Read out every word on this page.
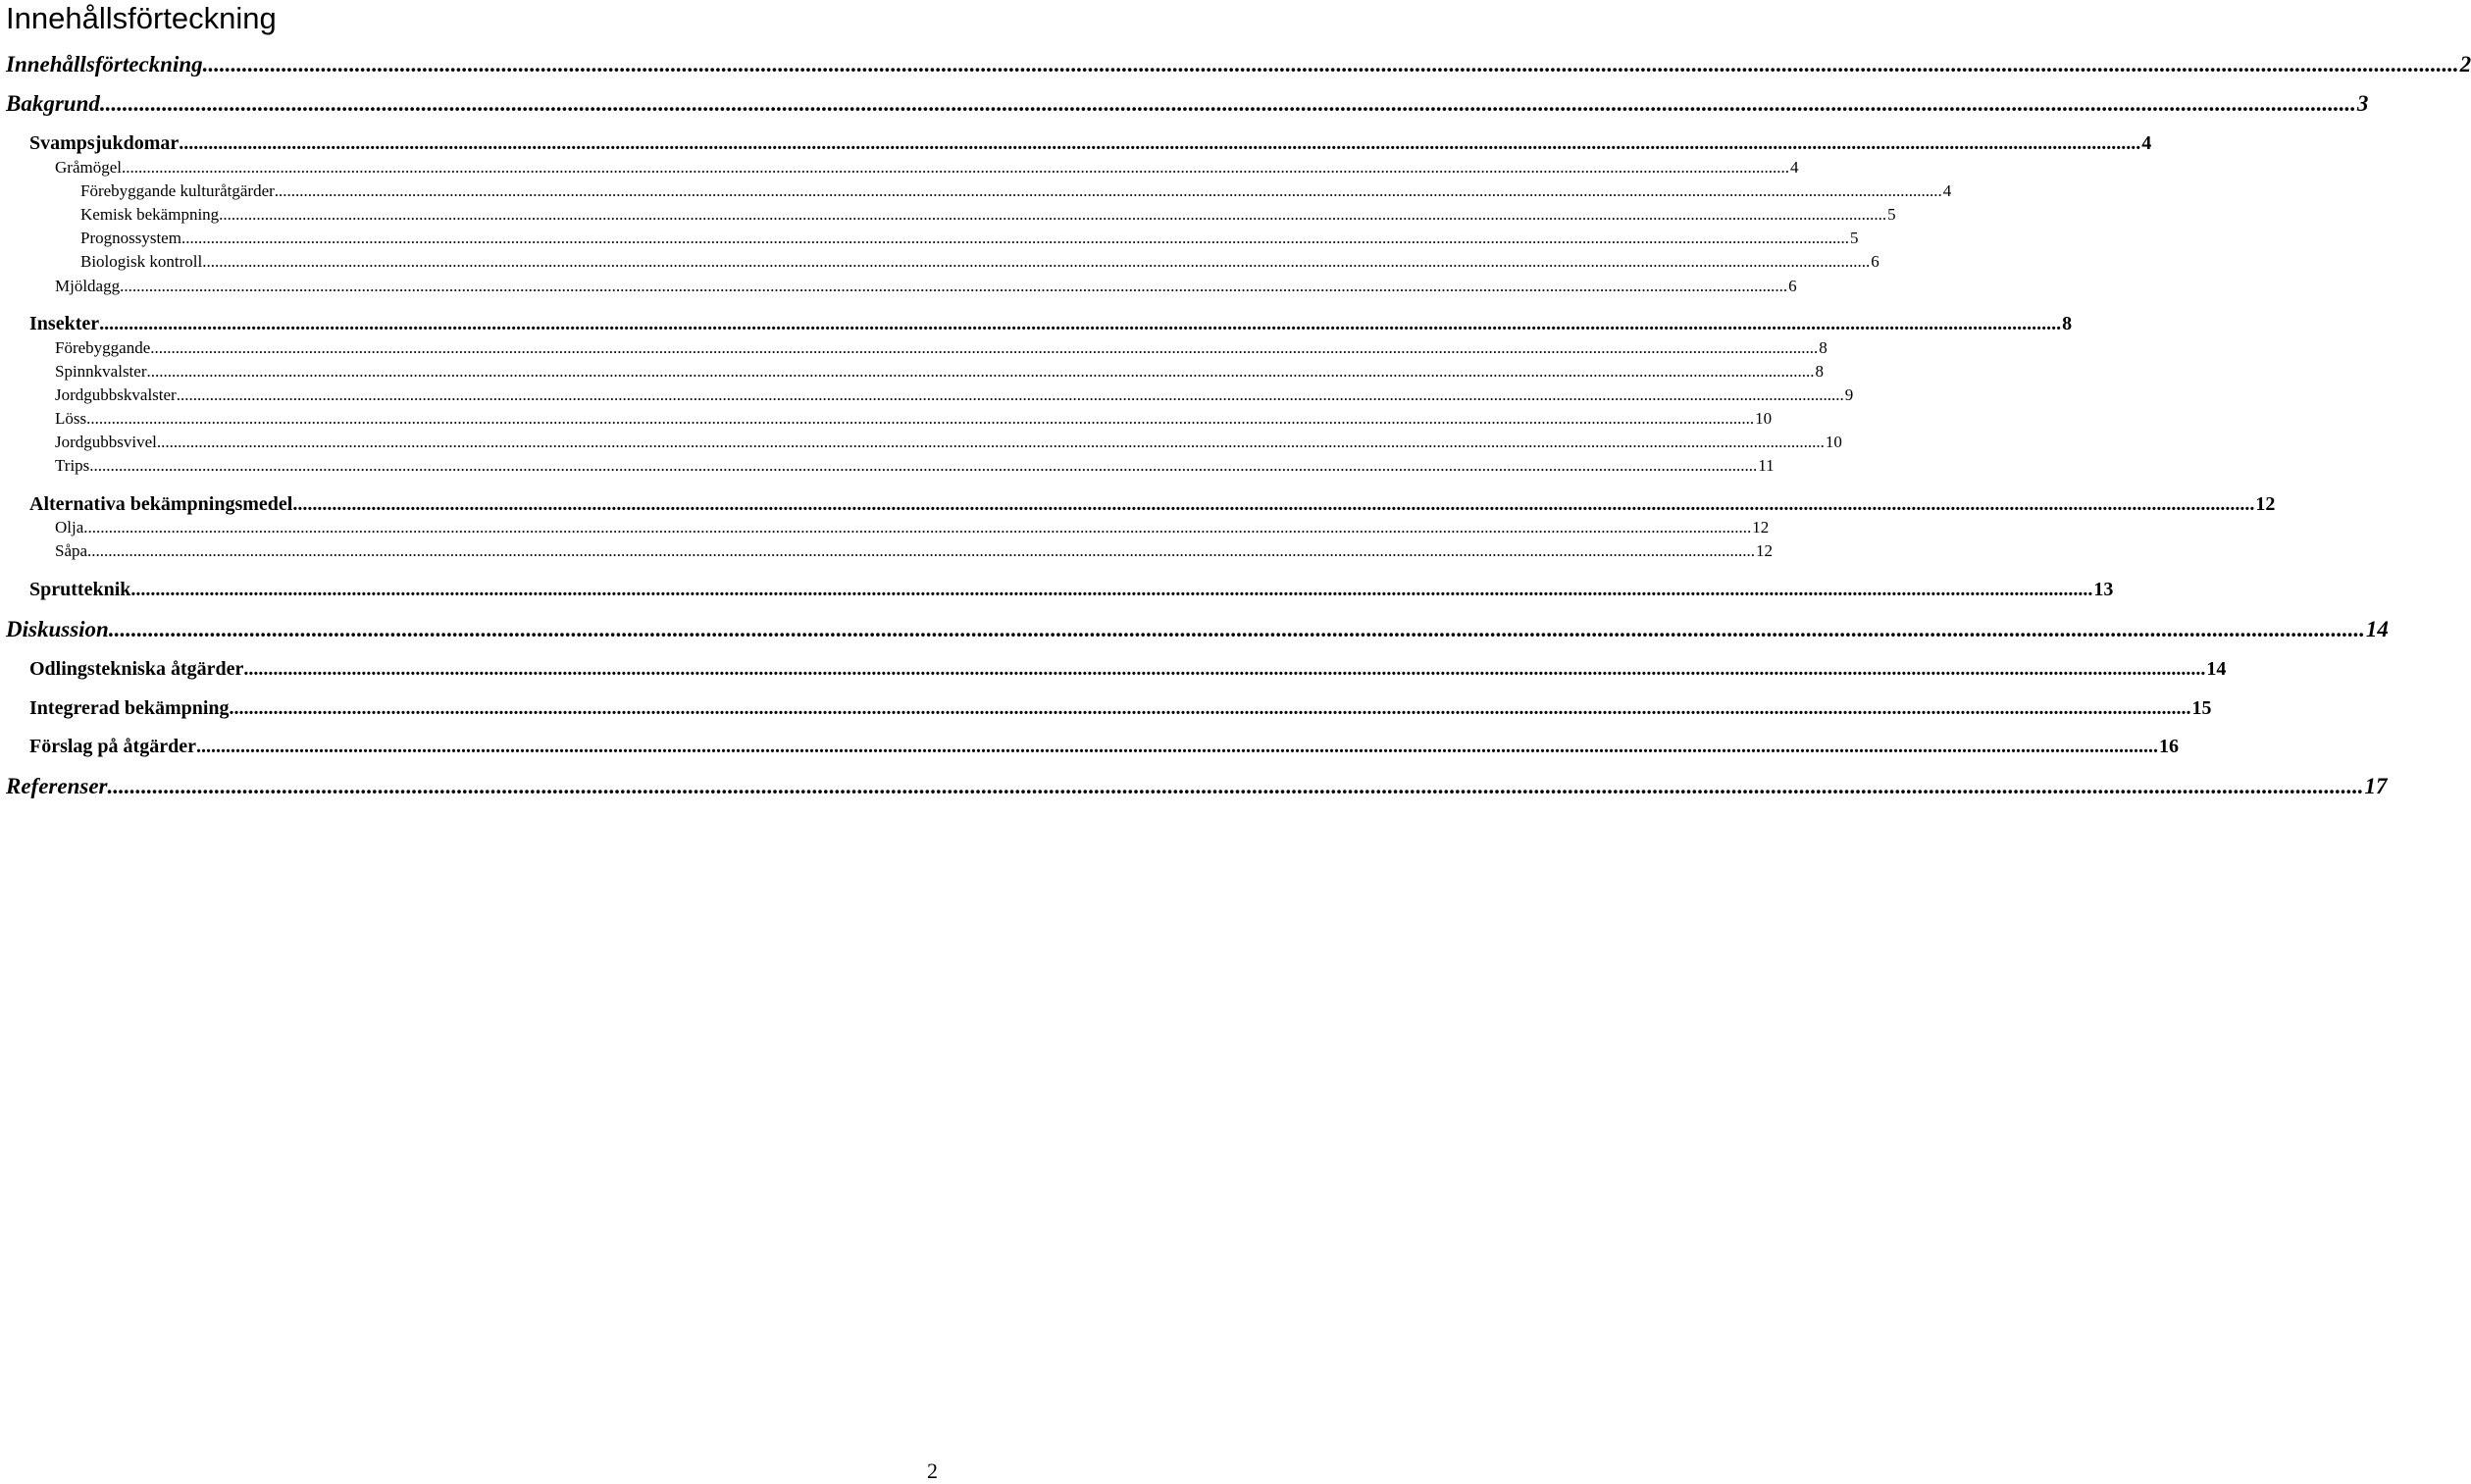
Innehållsförteckning
Innehållsförteckning ................................................................................................................................................................................................................................................................................................................................................................................................................ 2
Bakgrund ................................................................................................................................................................................................................................................................................................................................................................................................................ 3
Svampsjukdomar ................................................................................................................................................................................................................................................................................................................................................................................................................ 4
Gråmögel ................................................................................................................................................................................................................................................................................................................................................................................................................ 4
Förebyggande kulturåtgärder ................................................................................................................................................................................................................................................................................................................................................................................................................ 4
Kemisk bekämpning ................................................................................................................................................................................................................................................................................................................................................................................................................ 5
Prognossystem ................................................................................................................................................................................................................................................................................................................................................................................................................ 5
Biologisk kontroll ................................................................................................................................................................................................................................................................................................................................................................................................................ 6
Mjöldagg ................................................................................................................................................................................................................................................................................................................................................................................................................ 6
Insekter ................................................................................................................................................................................................................................................................................................................................................................................................................ 8
Förebyggande ................................................................................................................................................................................................................................................................................................................................................................................................................ 8
Spinnkvalster ................................................................................................................................................................................................................................................................................................................................................................................................................ 8
Jordgubbskvalster ................................................................................................................................................................................................................................................................................................................................................................................................................ 9
Löss ................................................................................................................................................................................................................................................................................................................................................................................................................ 10
Jordgubbsvivel ................................................................................................................................................................................................................................................................................................................................................................................................................ 10
Trips ................................................................................................................................................................................................................................................................................................................................................................................................................ 11
Alternativa bekämpningsmedel ................................................................................................................................................................................................................................................................................................................................................................................................................ 12
Olja ................................................................................................................................................................................................................................................................................................................................................................................................................ 12
Såpa ................................................................................................................................................................................................................................................................................................................................................................................................................ 12
Sprutteknik ................................................................................................................................................................................................................................................................................................................................................................................................................ 13
Diskussion ................................................................................................................................................................................................................................................................................................................................................................................................................ 14
Odlingstekniska åtgärder ................................................................................................................................................................................................................................................................................................................................................................................................................ 14
Integrerad bekämpning ................................................................................................................................................................................................................................................................................................................................................................................................................ 15
Förslag på åtgärder ................................................................................................................................................................................................................................................................................................................................................................................................................ 16
Referenser ................................................................................................................................................................................................................................................................................................................................................................................................................ 17
2
